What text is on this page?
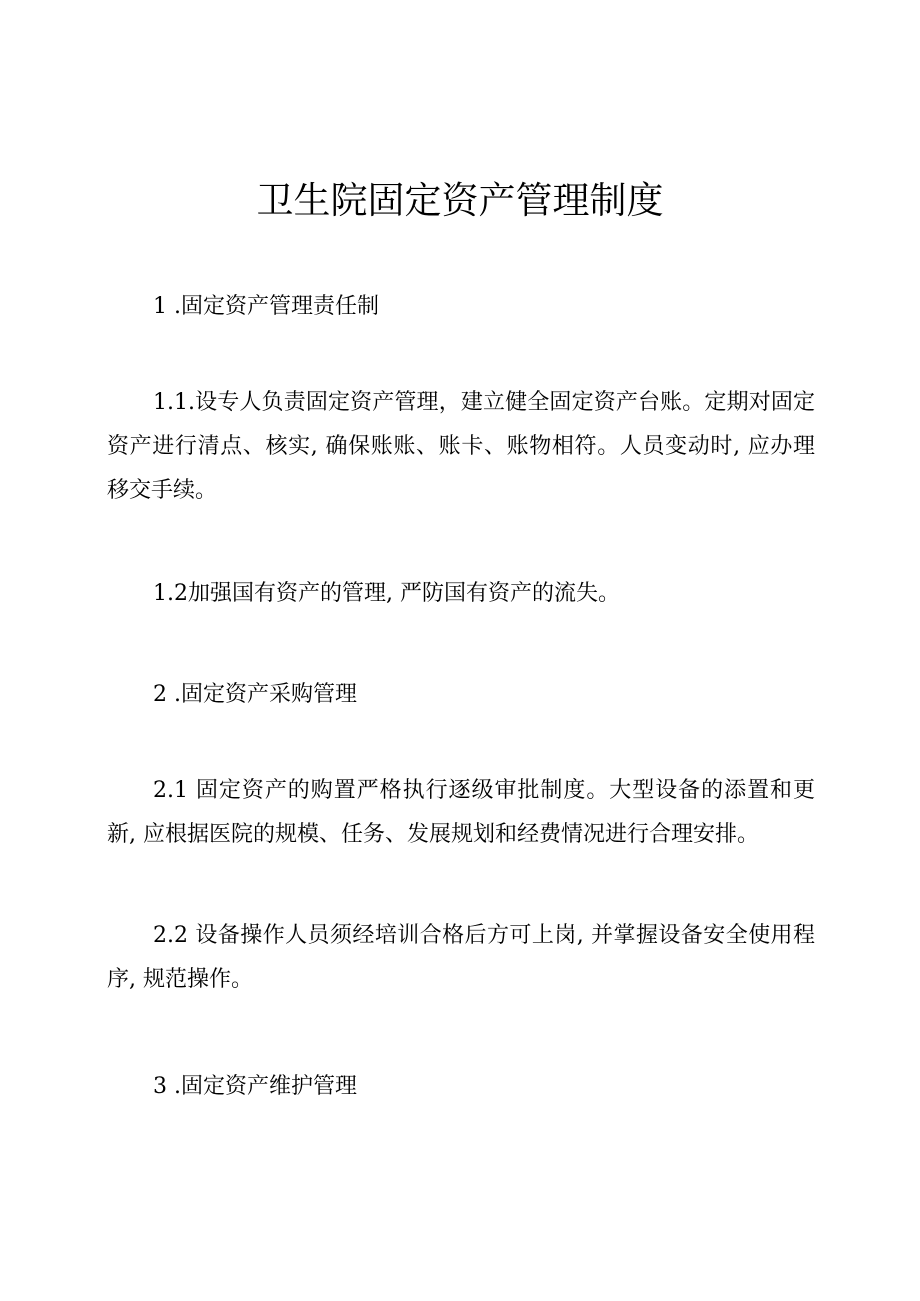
卫生院固定资产管理制度

1 .固定资产管理责任制

1.1.设专人负责固定资产管理，建立健全固定资产台账。定期对固定资产进行清点、核实, 确保账账、账卡、账物相符。人员变动时, 应办理移交手续。

1.2加强国有资产的管理, 严防国有资产的流失。

2 .固定资产采购管理

2.1 固定资产的购置严格执行逐级审批制度。大型设备的添置和更新, 应根据医院的规模、任务、发展规划和经费情况进行合理安排。

2.2 设备操作人员须经培训合格后方可上岗, 并掌握设备安全使用程序, 规范操作。

3 .固定资产维护管理
